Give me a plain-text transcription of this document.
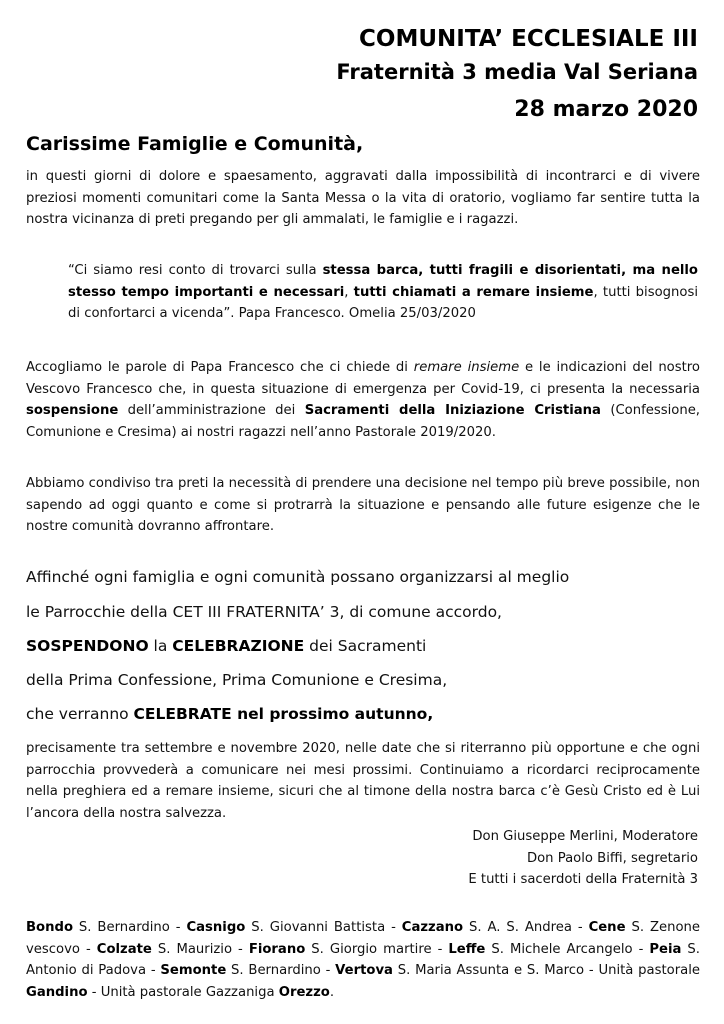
COMUNITA’ ECCLESIALE III
Fraternità 3 media Val Seriana
28 marzo 2020
Carissime Famiglie e Comunità,
in questi giorni di dolore e spaesamento, aggravati dalla impossibilità di incontrarci e di vivere preziosi momenti comunitari come la Santa Messa o la vita di oratorio, vogliamo far sentire tutta la nostra vicinanza di preti pregando per gli ammalati, le famiglie e i ragazzi.
“Ci siamo resi conto di trovarci sulla stessa barca, tutti fragili e disorientati, ma nello stesso tempo importanti e necessari, tutti chiamati a remare insieme, tutti bisognosi di confortarci a vicenda”. Papa Francesco. Omelia 25/03/2020
Accogliamo le parole di Papa Francesco che ci chiede di remare insieme e le indicazioni del nostro Vescovo Francesco che, in questa situazione di emergenza per Covid-19, ci presenta la necessaria sospensione dell’amministrazione dei Sacramenti della Iniziazione Cristiana (Confessione, Comunione e Cresima) ai nostri ragazzi nell’anno Pastorale 2019/2020.
Abbiamo condiviso tra preti la necessità di prendere una decisione nel tempo più breve possibile, non sapendo ad oggi quanto e come si protrarrà la situazione e pensando alle future esigenze che le nostre comunità dovranno affrontare.
Affinché ogni famiglia e ogni comunità possano organizzarsi al meglio
le Parrocchie della CET III FRATERNITA’ 3, di comune accordo,
SOSPENDONO la CELEBRAZIONE dei Sacramenti
della Prima Confessione, Prima Comunione e Cresima,
che verranno CELEBRATE nel prossimo autunno,
precisamente tra settembre e novembre 2020, nelle date che si riterranno più opportune e che ogni parrocchia provvederà a comunicare nei mesi prossimi. Continuiamo a ricordarci reciprocamente nella preghiera ed a remare insieme, sicuri che al timone della nostra barca c’è Gesù Cristo ed è Lui l’ancora della nostra salvezza.
Don Giuseppe Merlini, Moderatore
Don Paolo Biffi, segretario
E tutti i sacerdoti della Fraternità 3
Bondo S. Bernardino - Casnigo S. Giovanni Battista - Cazzano S. A. S. Andrea - Cene S. Zenone vescovo - Colzate S. Maurizio - Fiorano S. Giorgio martire - Leffe S. Michele Arcangelo - Peia S. Antonio di Padova - Semonte S. Bernardino - Vertova S. Maria Assunta e S. Marco - Unità pastorale Gandino - Unità pastorale Gazzaniga Orezzo.
